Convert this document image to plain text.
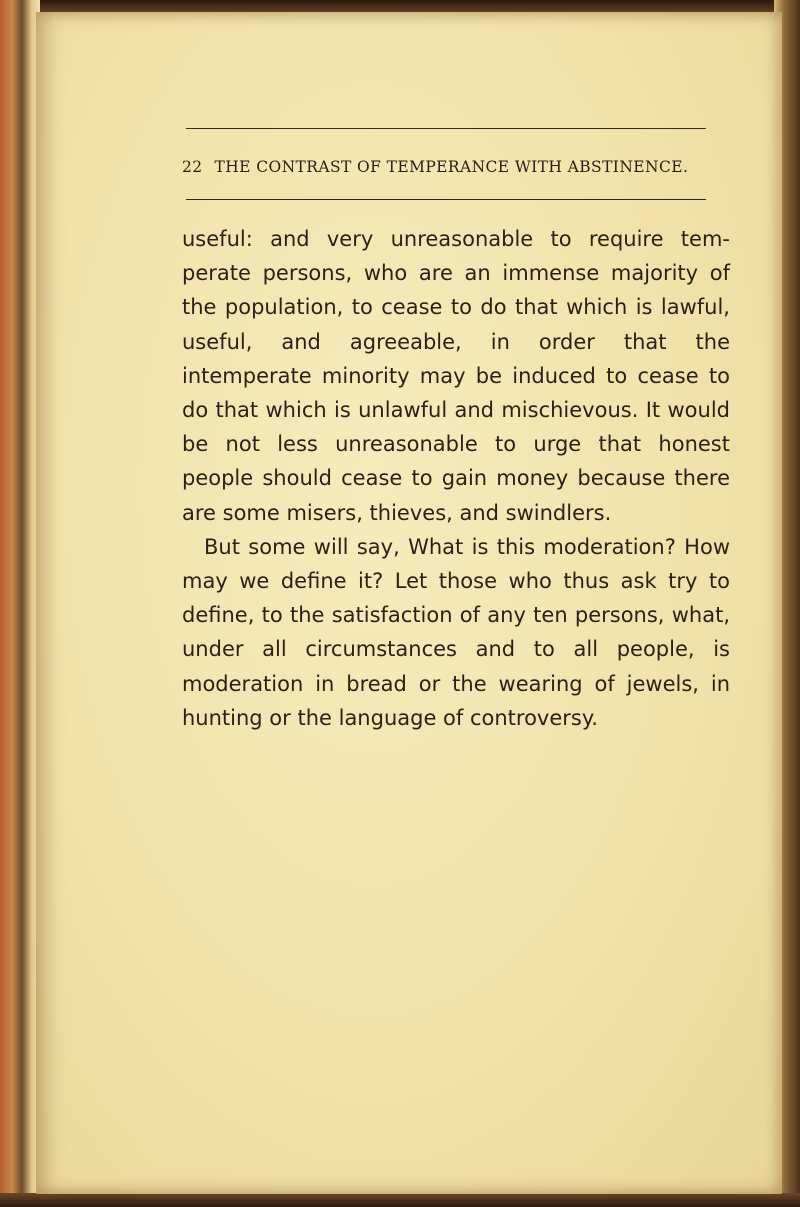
22 THE CONTRAST OF TEMPERANCE WITH ABSTINENCE.

useful: and very unreasonable to require tem-perate persons, who are an immense majority of the population, to cease to do that which is lawful, useful, and agreeable, in order that the intemperate minority may be induced to cease to do that which is unlawful and mischievous. It would be not less unreasonable to urge that honest people should cease to gain money because there are some misers, thieves, and swindlers.

But some will say, What is this moderation? How may we define it? Let those who thus ask try to define, to the satisfaction of any ten persons, what, under all circumstances and to all people, is moderation in bread or the wearing of jewels, in hunting or the language of controversy.
